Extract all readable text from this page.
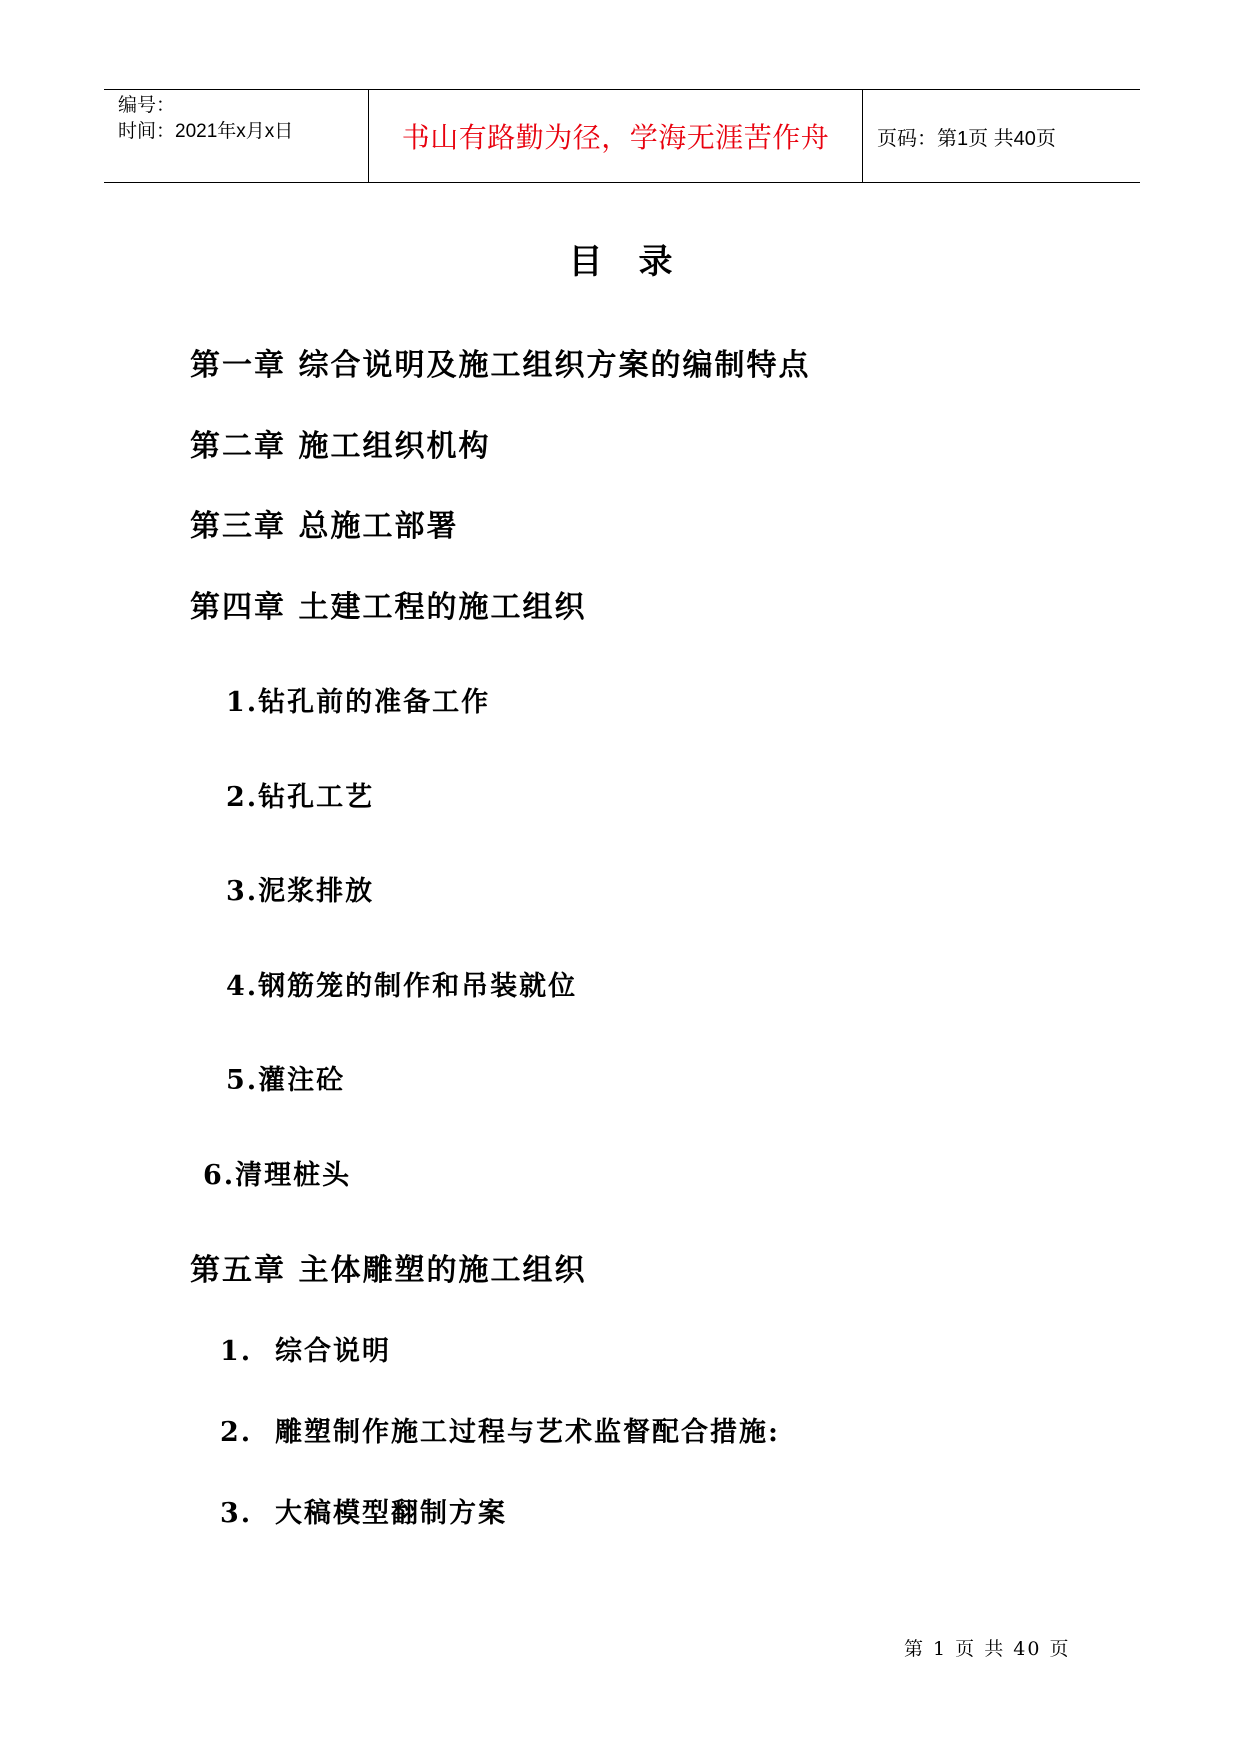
编号：
时间：2021年x月x日	书山有路勤为径，学海无涯苦作舟 页码：第1页 共40页
目录
第一章 综合说明及施工组织方案的编制特点
第二章 施工组织机构
第三章 总施工部署
第四章 土建工程的施工组织
1.钻孔前的准备工作
2.钻孔工艺
3.泥浆排放
4.钢筋笼的制作和吊装就位
5.灌注砼
6.清理桩头
第五章 主体雕塑的施工组织
1.  综合说明
2.  雕塑制作施工过程与艺术监督配合措施:
3.  大稿模型翻制方案
第 1 页 共 40 页
